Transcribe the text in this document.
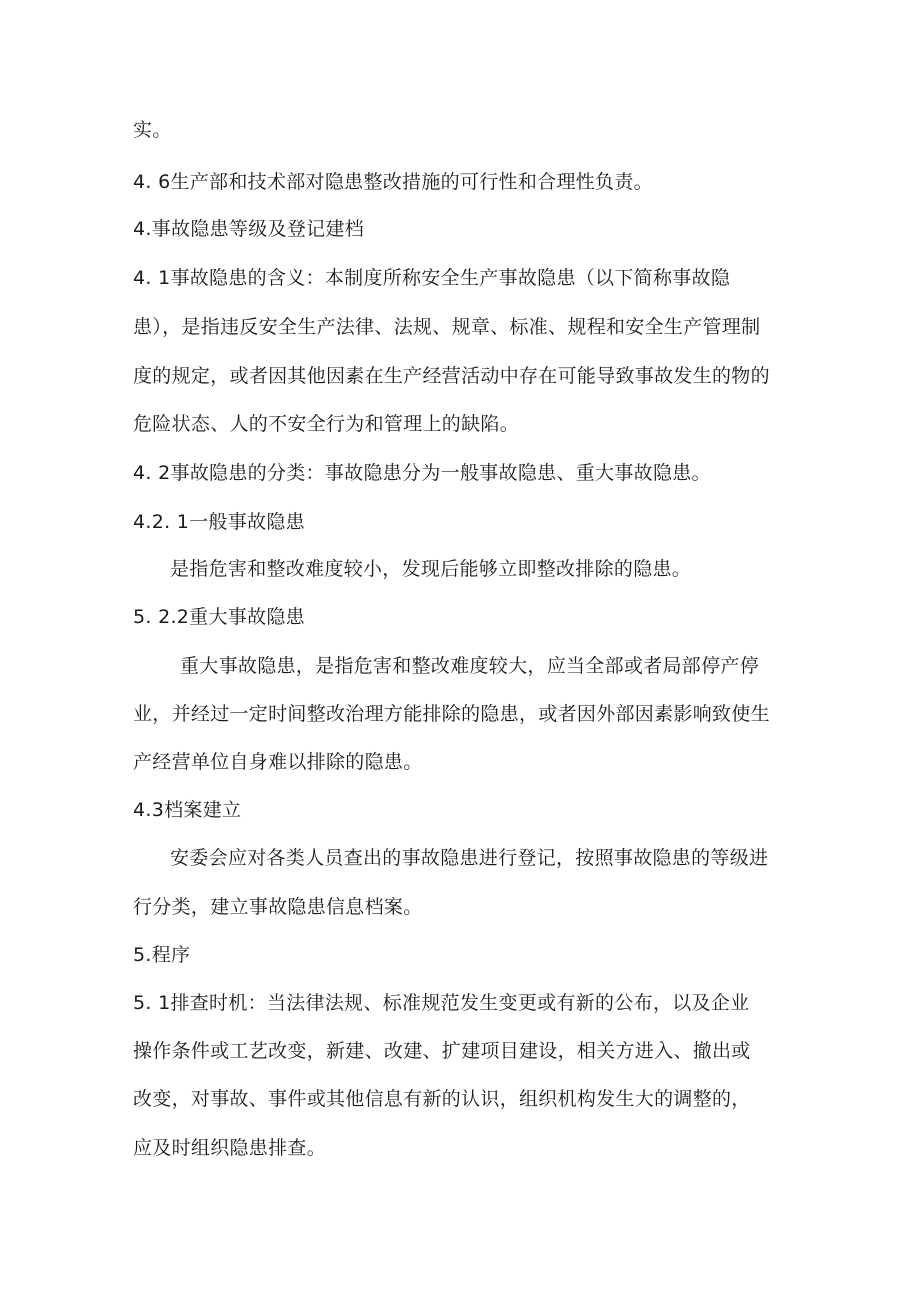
实。
4. 6生产部和技术部对隐患整改措施的可行性和合理性负责。
4.事故隐患等级及登记建档
4. 1事故隐患的含义：本制度所称安全生产事故隐患（以下简称事故隐
患），是指违反安全生产法律、法规、规章、标准、规程和安全生产管理制
度的规定，或者因其他因素在生产经营活动中存在可能导致事故发生的物的
危险状态、人的不安全行为和管理上的缺陷。
4. 2事故隐患的分类：事故隐患分为一般事故隐患、重大事故隐患。
4.2. 1一般事故隐患
是指危害和整改难度较小，发现后能够立即整改排除的隐患。
5. 2.2重大事故隐患
重大事故隐患，是指危害和整改难度较大，应当全部或者局部停产停
业，并经过一定时间整改治理方能排除的隐患，或者因外部因素影响致使生
产经营单位自身难以排除的隐患。
4.3档案建立
安委会应对各类人员查出的事故隐患进行登记，按照事故隐患的等级进
行分类，建立事故隐患信息档案。
5.程序
5. 1排查时机：当法律法规、标准规范发生变更或有新的公布，以及企业
操作条件或工艺改变，新建、改建、扩建项目建设，相关方进入、撤出或
改变，对事故、事件或其他信息有新的认识，组织机构发生大的调整的，
应及时组织隐患排查。
